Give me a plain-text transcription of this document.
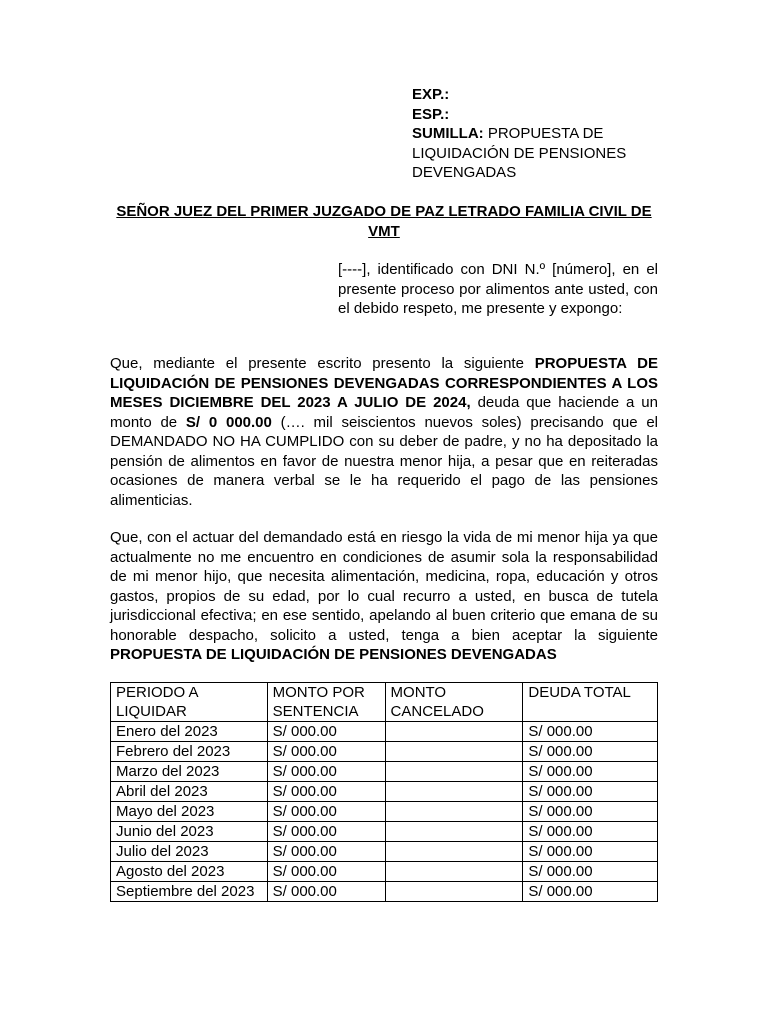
EXP.:
ESP.:
SUMILLA: PROPUESTA DE LIQUIDACIÓN DE PENSIONES DEVENGADAS
SEÑOR JUEZ DEL PRIMER JUZGADO DE PAZ LETRADO FAMILIA CIVIL DE VMT
[----], identificado con DNI N.º [número], en el presente proceso por alimentos ante usted, con el debido respeto, me presente y expongo:
Que, mediante el presente escrito presento la siguiente PROPUESTA DE LIQUIDACIÓN DE PENSIONES DEVENGADAS CORRESPONDIENTES A LOS MESES DICIEMBRE DEL 2023 A JULIO DE 2024, deuda que haciende a un monto de S/ 0 000.00 (…. mil seiscientos nuevos soles) precisando que el DEMANDADO NO HA CUMPLIDO con su deber de padre, y no ha depositado la pensión de alimentos en favor de nuestra menor hija, a pesar que en reiteradas ocasiones de manera verbal se le ha requerido el pago de las pensiones alimenticias.
Que, con el actuar del demandado está en riesgo la vida de mi menor hija ya que actualmente no me encuentro en condiciones de asumir sola la responsabilidad de mi menor hijo, que necesita alimentación, medicina, ropa, educación y otros gastos, propios de su edad, por lo cual recurro a usted, en busca de tutela jurisdiccional efectiva; en ese sentido, apelando al buen criterio que emana de su honorable despacho, solicito a usted, tenga a bien aceptar la siguiente PROPUESTA DE LIQUIDACIÓN DE PENSIONES DEVENGADAS
PERIODO A LIQUIDAR	MONTO POR SENTENCIA	MONTO CANCELADO	DEUDA TOTAL
Enero del 2023	S/ 000.00		S/ 000.00
Febrero del 2023	S/ 000.00		S/ 000.00
Marzo del 2023	S/ 000.00		S/ 000.00
Abril del 2023	S/ 000.00		S/ 000.00
Mayo del 2023	S/ 000.00		S/ 000.00
Junio del 2023	S/ 000.00		S/ 000.00
Julio del 2023	S/ 000.00		S/ 000.00
Agosto del 2023	S/ 000.00		S/ 000.00
Septiembre del 2023	S/ 000.00		S/ 000.00
